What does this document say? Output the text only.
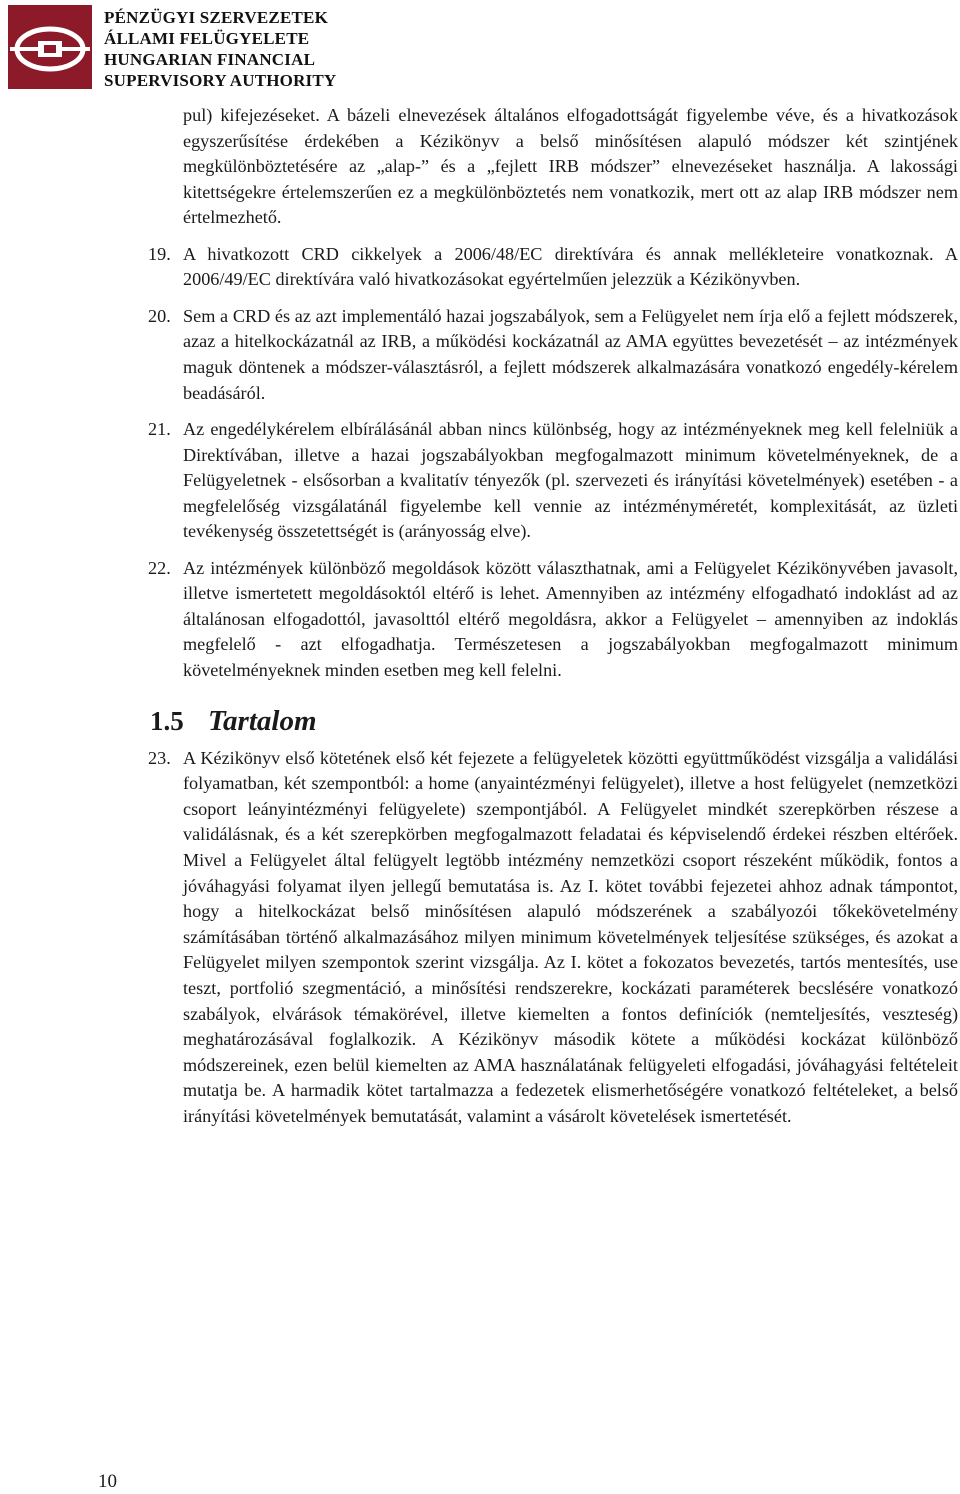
PÉNZÜGYI SZERVEZETEK
ÁLLAMI FELÜGYELETE
HUNGARIAN FINANCIAL
SUPERVISORY AUTHORITY
pul) kifejezéseket. A bázeli elnevezések általános elfogadottságát figyelembe véve, és a hivatkozások egyszerűsítése érdekében a Kézikönyv a belső minősítésen alapuló módszer két szintjének megkülönböztetésére az „alap-” és a „fejlett IRB módszer” elnevezéseket használja. A lakossági kitettségekre értelemszerűen ez a megkülönböztetés nem vonatkozik, mert ott az alap IRB módszer nem értelmezhető.
19. A hivatkozott CRD cikkelyek a 2006/48/EC direktívára és annak mellékleteire vonatkoznak. A 2006/49/EC direktívára való hivatkozásokat egyértelműen jelezzük a Kézikönyvben.
20. Sem a CRD és az azt implementáló hazai jogszabályok, sem a Felügyelet nem írja elő a fejlett módszerek, azaz a hitelkockázatnál az IRB, a működési kockázatnál az AMA együttes bevezetését – az intézmények maguk döntenek a módszer-választásról, a fejlett módszerek alkalmazására vonatkozó engedély-kérelem beadásáról.
21. Az engedélykérelem elbírálásánál abban nincs különbség, hogy az intézményeknek meg kell felelniük a Direktívában, illetve a hazai jogszabályokban megfogalmazott minimum követelményeknek, de a Felügyeletnek - elsősorban a kvalitatív tényezők (pl. szervezeti és irányítási követelmények) esetében - a megfelelőség vizsgálatánál figyelembe kell vennie az intézményméretét, komplexitását, az üzleti tevékenység összetettségét is (arányosság elve).
22. Az intézmények különböző megoldások között választhatnak, ami a Felügyelet Kézikönyvében javasolt, illetve ismertetett megoldásoktól eltérő is lehet. Amennyiben az intézmény elfogadható indoklást ad az általánosan elfogadottól, javasolttól eltérő megoldásra, akkor a Felügyelet – amennyiben az indoklás megfelelő - azt elfogadhatja. Természetesen a jogszabályokban megfogalmazott minimum követelményeknek minden esetben meg kell felelni.
1.5 Tartalom
23. A Kézikönyv első kötetének első két fejezete a felügyeletek közötti együttműködést vizsgálja a validálási folyamatban, két szempontból: a home (anyaintézményi felügyelet), illetve a host felügyelet (nemzetközi csoport leányintézményi felügyelete) szempontjából. A Felügyelet mindkét szerepkörben részese a validálásnak, és a két szerepkörben megfogalmazott feladatai és képviselendő érdekei részben eltérőek. Mivel a Felügyelet által felügyelt legtöbb intézmény nemzetközi csoport részeként működik, fontos a jóváhagyási folyamat ilyen jellegű bemutatása is. Az I. kötet további fejezetei ahhoz adnak támpontot, hogy a hitelkockázat belső minősítésen alapuló módszerének a szabályozói tőkekövetelmény számításában történő alkalmazásához milyen minimum követelmények teljesítése szükséges, és azokat a Felügyelet milyen szempontok szerint vizsgálja. Az I. kötet a fokozatos bevezetés, tartós mentesítés, use teszt, portfolió szegmentáció, a minősítési rendszerekre, kockázati paraméterek becslésére vonatkozó szabályok, elvárások témakörével, illetve kiemelten a fontos definíciók (nemteljesítés, veszteség) meghatározásával foglalkozik. A Kézikönyv második kötete a működési kockázat különböző módszereinek, ezen belül kiemelten az AMA használatának felügyeleti elfogadási, jóváhagyási feltételeit mutatja be. A harmadik kötet tartalmazza a fedezetek elismerhetőségére vonatkozó feltételeket, a belső irányítási követelmények bemutatását, valamint a vásárolt követelések ismertetését.
10
